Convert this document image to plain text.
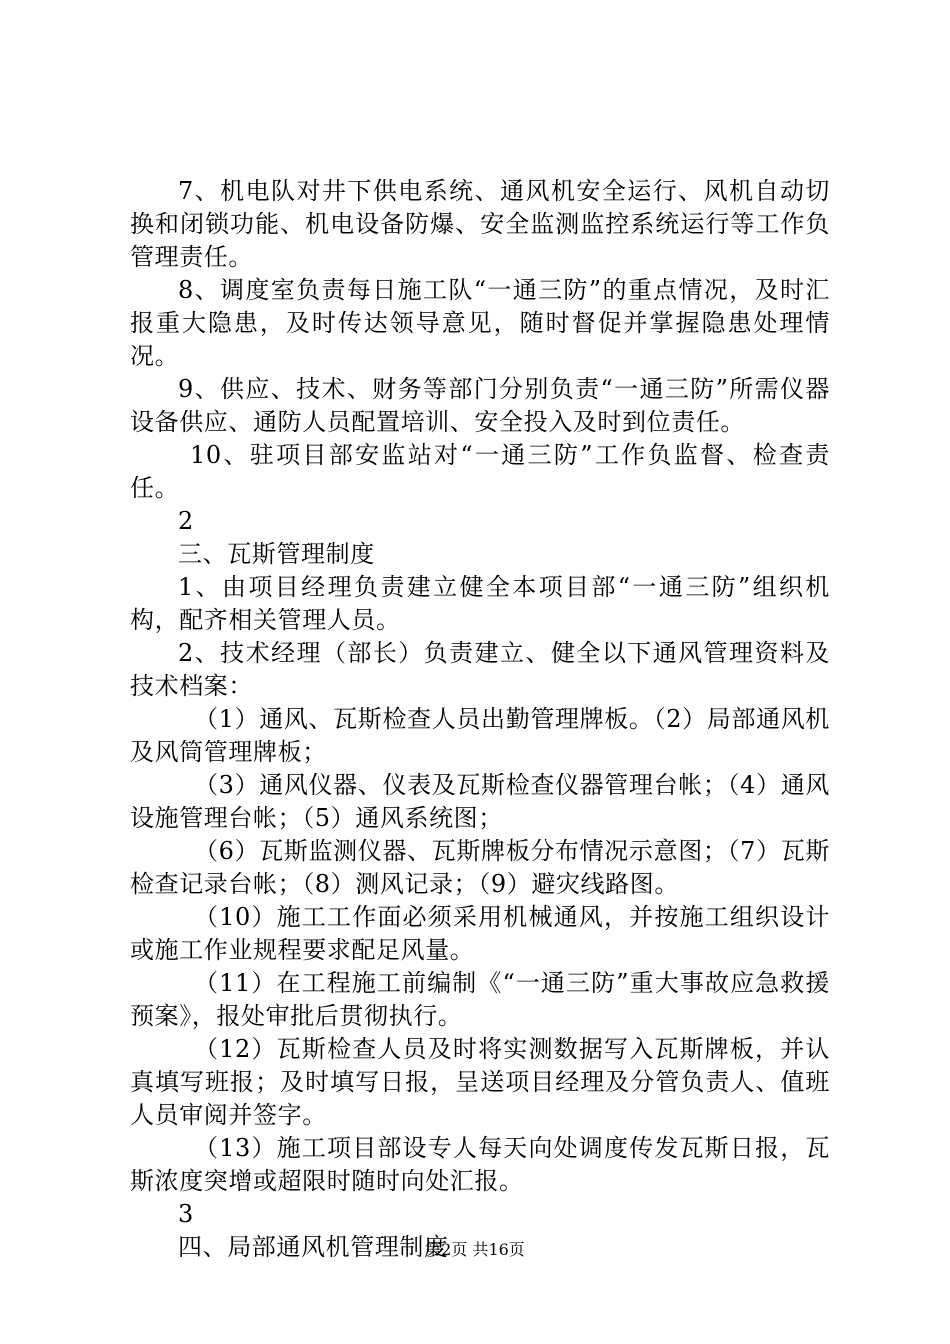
7、机电队对井下供电系统、通风机安全运行、风机自动切换和闭锁功能、机电设备防爆、安全监测监控系统运行等工作负管理责任。

8、调度室负责每日施工队“一通三防”的重点情况，及时汇报重大隐患，及时传达领导意见，随时督促并掌握隐患处理情况。

9、供应、技术、财务等部门分别负责“一通三防”所需仪器设备供应、通防人员配置培训、安全投入及时到位责任。

10、驻项目部安监站对“一通三防”工作负监督、检查责任。

2

三、瓦斯管理制度

1、由项目经理负责建立健全本项目部“一通三防”组织机构，配齐相关管理人员。

2、技术经理（部长）负责建立、健全以下通风管理资料及技术档案：

（1）通风、瓦斯检查人员出勤管理牌板。（2）局部通风机及风筒管理牌板；

（3）通风仪器、仪表及瓦斯检查仪器管理台帐；（4）通风设施管理台帐；（5）通风系统图；

（6）瓦斯监测仪器、瓦斯牌板分布情况示意图；（7）瓦斯检查记录台帐；（8）测风记录；（9）避灾线路图。

（10）施工工作面必须采用机械通风，并按施工组织设计或施工作业规程要求配足风量。

（11）在工程施工前编制《“一通三防”重大事故应急救援预案》，报处审批后贯彻执行。

（12）瓦斯检查人员及时将实测数据写入瓦斯牌板，并认真填写班报；及时填写日报，呈送项目经理及分管负责人、值班人员审阅并签字。

（13）施工项目部设专人每天向处调度传发瓦斯日报，瓦斯浓度突增或超限时随时向处汇报。

3

四、局部通风机管理制度

第2页 共16页
